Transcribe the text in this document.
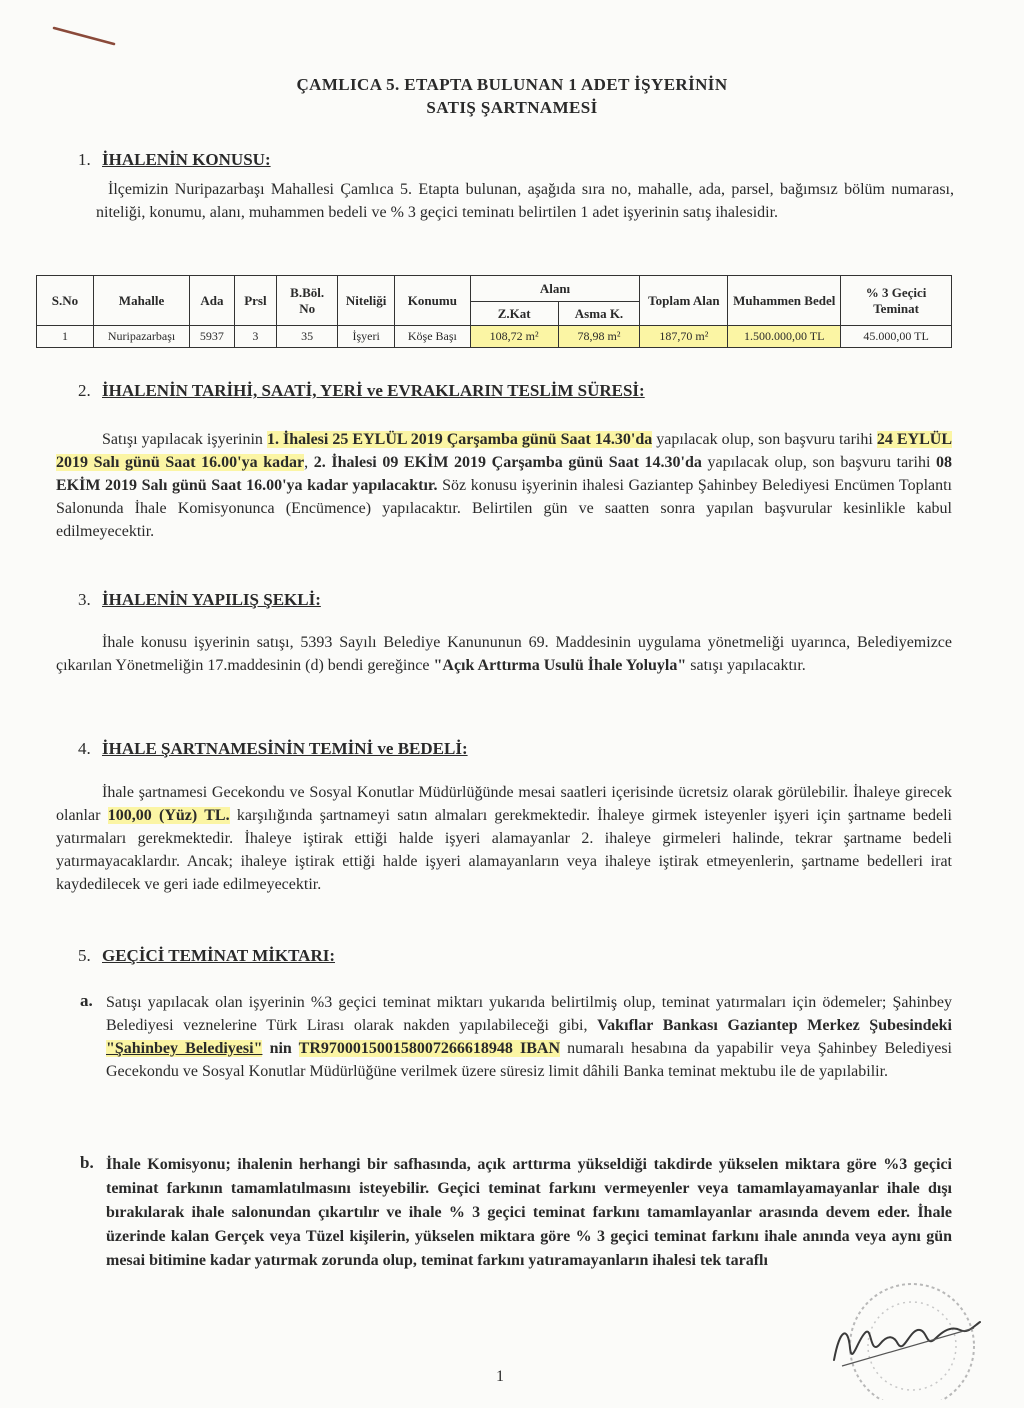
ÇAMLICA 5. ETAPTA BULUNAN 1 ADET İŞYERİNİN
SATIŞ ŞARTNAMESİ
1. İHALENİN KONUSU:
İlçemizin Nuripazarbaşı Mahallesi Çamlıca 5. Etapta bulunan, aşağıda sıra no, mahalle, ada, parsel, bağımsız bölüm numarası, niteliği, konumu, alanı, muhammen bedeli ve % 3 geçici teminatı belirtilen 1 adet işyerinin satış ihalesidir.
S.No	Mahalle	Ada	Prsl	B.Böl. No	Niteliği	Konumu	Alanı		Toplam Alan	Muhammen Bedel	% 3 Geçici Teminat
							Z.Kat	Asma K.			
1	Nuripazarbaşı	5937	3	35	İşyeri	Köşe Başı	108,72 m²	78,98 m²	187,70 m²	1.500.000,00 TL	45.000,00 TL
2. İHALENİN TARİHİ, SAATİ, YERİ ve EVRAKLARIN TESLİM SÜRESİ:
Satışı yapılacak işyerinin 1. İhalesi 25 EYLÜL 2019 Çarşamba günü Saat 14.30'da yapılacak olup, son başvuru tarihi 24 EYLÜL 2019 Salı günü Saat 16.00'ya kadar, 2. İhalesi 09 EKİM 2019 Çarşamba günü Saat 14.30'da yapılacak olup, son başvuru tarihi 08 EKİM 2019 Salı günü Saat 16.00'ya kadar yapılacaktır. Söz konusu işyerinin ihalesi Gaziantep Şahinbey Belediyesi Encümen Toplantı Salonunda İhale Komisyonunca (Encümence) yapılacaktır. Belirtilen gün ve saatten sonra yapılan başvurular kesinlikle kabul edilmeyecektir.
3. İHALENİN YAPILIŞ ŞEKLİ:
İhale konusu işyerinin satışı, 5393 Sayılı Belediye Kanununun 69. Maddesinin uygulama yönetmeliği uyarınca, Belediyemizce çıkarılan Yönetmeliğin 17.maddesinin (d) bendi gereğince "Açık Arttırma Usulü İhale Yoluyla" satışı yapılacaktır.
4. İHALE ŞARTNAMESİNİN TEMİNİ ve BEDELİ:
İhale şartnamesi Gecekondu ve Sosyal Konutlar Müdürlüğünde mesai saatleri içerisinde ücretsiz olarak görülebilir. İhaleye girecek olanlar 100,00 (Yüz) TL. karşılığında şartnameyi satın almaları gerekmektedir. İhaleye girmek isteyenler işyeri için şartname bedeli yatırmaları gerekmektedir. İhaleye iştirak ettiği halde işyeri alamayanlar 2. ihaleye girmeleri halinde, tekrar şartname bedeli yatırmayacaklardır. Ancak; ihaleye iştirak ettiği halde işyeri alamayanların veya ihaleye iştirak etmeyenlerin, şartname bedelleri irat kaydedilecek ve geri iade edilmeyecektir.
5. GEÇİCİ TEMİNAT MİKTARI:
a. Satışı yapılacak olan işyerinin %3 geçici teminat miktarı yukarıda belirtilmiş olup, teminat yatırmaları için ödemeler; Şahinbey Belediyesi veznelerine Türk Lirası olarak nakden yapılabileceği gibi, Vakıflar Bankası Gaziantep Merkez Şubesindeki "Şahinbey Belediyesi" nin TR970001500158007266618948 IBAN numaralı hesabına da yapabilir veya Şahinbey Belediyesi Gecekondu ve Sosyal Konutlar Müdürlüğüne verilmek üzere süresiz limit dâhili Banka teminat mektubu ile de yapılabilir.
b. İhale Komisyonu; ihalenin herhangi bir safhasında, açık arttırma yükseldiği takdirde yükselen miktara göre %3 geçici teminat farkının tamamlatılmasını isteyebilir. Geçici teminat farkını vermeyenler veya tamamlayamayanlar ihale dışı bırakılarak ihale salonundan çıkartılır ve ihale % 3 geçici teminat farkını tamamlayanlar arasında devem eder. İhale üzerinde kalan Gerçek veya Tüzel kişilerin, yükselen miktara göre % 3 geçici teminat farkını ihale anında veya aynı gün mesai bitimine kadar yatırmak zorunda olup, teminat farkını yatıramayanların ihalesi tek taraflı
1
